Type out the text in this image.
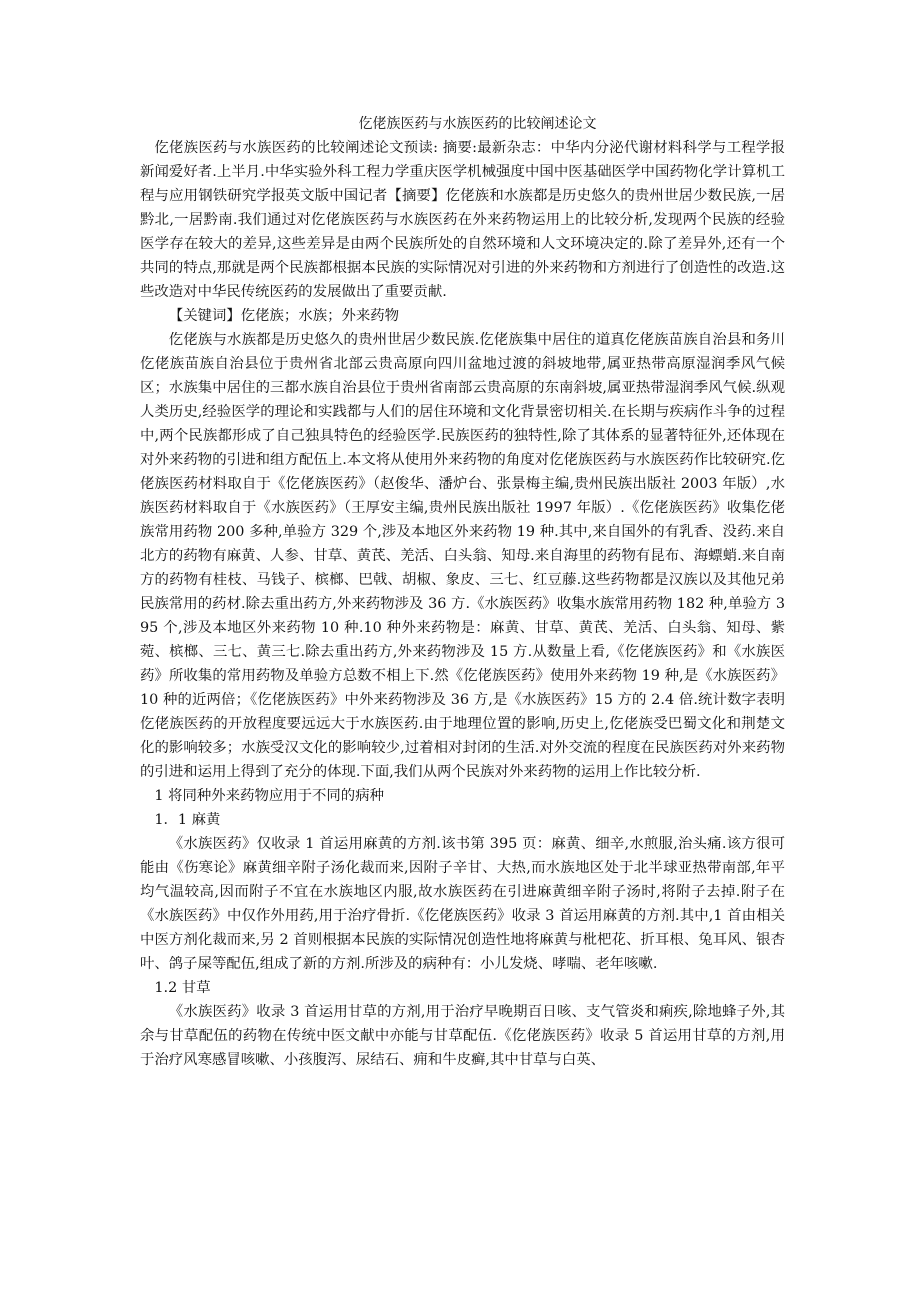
仡佬族医药与水族医药的比较阐述论文

仡佬族医药与水族医药的比较阐述论文预读: 摘要:最新杂志：中华内分泌代谢材料科学与工程学报新闻爱好者.上半月.中华实验外科工程力学重庆医学机械强度中国中医基础医学中国药物化学计算机工程与应用钢铁研究学报英文版中国记者【摘要】仡佬族和水族都是历史悠久的贵州世居少数民族,一居黔北,一居黔南.我们通过对仡佬族医药与水族医药在外来药物运用上的比较分析,发现两个民族的经验医学存在较大的差异,这些差异是由两个民族所处的自然环境和人文环境决定的.除了差异外,还有一个共同的特点,那就是两个民族都根据本民族的实际情况对引进的外来药物和方剂进行了创造性的改造.这些改造对中华民传统医药的发展做出了重要贡献.

【关键词】仡佬族；水族；外来药物

仡佬族与水族都是历史悠久的贵州世居少数民族.仡佬族集中居住的道真仡佬族苗族自治县和务川仡佬族苗族自治县位于贵州省北部云贵高原向四川盆地过渡的斜坡地带,属亚热带高原湿润季风气候区；水族集中居住的三都水族自治县位于贵州省南部云贵高原的东南斜坡,属亚热带湿润季风气候.纵观人类历史,经验医学的理论和实践都与人们的居住环境和文化背景密切相关.在长期与疾病作斗争的过程中,两个民族都形成了自己独具特色的经验医学.民族医药的独特性,除了其体系的显著特征外,还体现在对外来药物的引进和组方配伍上.本文将从使用外来药物的角度对仡佬族医药与水族医药作比较研究.仡佬族医药材料取自于《仡佬族医药》（赵俊华、潘炉台、张景梅主编,贵州民族出版社 2003 年版）,水族医药材料取自于《水族医药》（王厚安主编,贵州民族出版社 1997 年版）.《仡佬族医药》收集仡佬族常用药物 200 多种,单验方 329 个,涉及本地区外来药物 19 种.其中,来自国外的有乳香、没药.来自北方的药物有麻黄、人参、甘草、黄芪、羌活、白头翁、知母.来自海里的药物有昆布、海螵蛸.来自南方的药物有桂枝、马钱子、槟榔、巴戟、胡椒、象皮、三七、红豆藤.这些药物都是汉族以及其他兄弟民族常用的药材.除去重出药方,外来药物涉及 36 方.《水族医药》收集水族常用药物 182 种,单验方 395 个,涉及本地区外来药物 10 种.10 种外来药物是：麻黄、甘草、黄芪、羌活、白头翁、知母、紫菀、槟榔、三七、黄三七.除去重出药方,外来药物涉及 15 方.从数量上看,《仡佬族医药》和《水族医药》所收集的常用药物及单验方总数不相上下.然《仡佬族医药》使用外来药物 19 种,是《水族医药》10 种的近两倍；《仡佬族医药》中外来药物涉及 36 方,是《水族医药》15 方的 2.4 倍.统计数字表明仡佬族医药的开放程度要远远大于水族医药.由于地理位置的影响,历史上,仡佬族受巴蜀文化和荆楚文化的影响较多；水族受汉文化的影响较少,过着相对封闭的生活.对外交流的程度在民族医药对外来药物的引进和运用上得到了充分的体现.下面,我们从两个民族对外来药物的运用上作比较分析.

1 将同种外来药物应用于不同的病种

1．1 麻黄

《水族医药》仅收录 1 首运用麻黄的方剂.该书第 395 页：麻黄、细辛,水煎服,治头痛.该方很可能由《伤寒论》麻黄细辛附子汤化裁而来,因附子辛甘、大热,而水族地区处于北半球亚热带南部,年平均气温较高,因而附子不宜在水族地区内服,故水族医药在引进麻黄细辛附子汤时,将附子去掉.附子在《水族医药》中仅作外用药,用于治疗骨折.《仡佬族医药》收录 3 首运用麻黄的方剂.其中,1 首由相关中医方剂化裁而来,另 2 首则根据本民族的实际情况创造性地将麻黄与枇杷花、折耳根、兔耳风、银杏叶、鸽子屎等配伍,组成了新的方剂.所涉及的病种有：小儿发烧、哮喘、老年咳嗽.

1.2 甘草

《水族医药》收录 3 首运用甘草的方剂,用于治疗早晚期百日咳、支气管炎和痢疾,除地蜂子外,其余与甘草配伍的药物在传统中医文献中亦能与甘草配伍.《仡佬族医药》收录 5 首运用甘草的方剂,用于治疗风寒感冒咳嗽、小孩腹泻、尿结石、痈和牛皮癣,其中甘草与白英、
